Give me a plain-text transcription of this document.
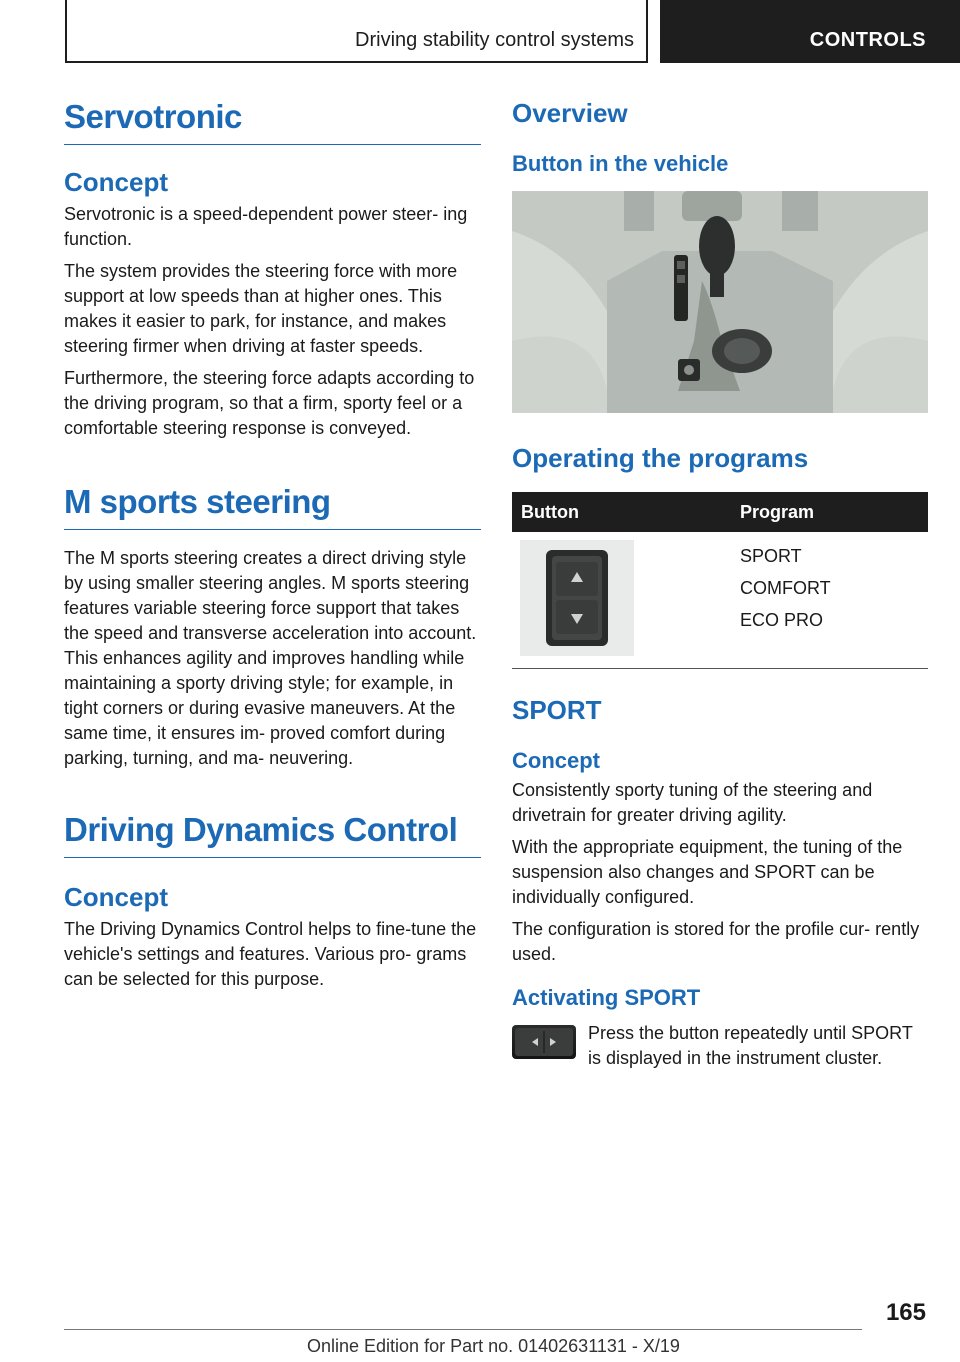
Driving stability control systems	CONTROLS
Servotronic
Concept

Servotronic is a speed-dependent power steer‐ ing function.

The system provides the steering force with more support at low speeds than at higher ones. This makes it easier to park, for instance, and makes steering firmer when driving at faster speeds.

Furthermore, the steering force adapts according to the driving program, so that a firm, sporty feel or a comfortable steering response is conveyed.

M sports steering

The M sports steering creates a direct driving style by using smaller steering angles. M sports steering features variable steering force support that takes the speed and transverse acceleration into account. This enhances agility and improves handling while maintaining a sporty driving style; for example, in tight corners or during evasive maneuvers. At the same time, it ensures im‐ proved comfort during parking, turning, and ma‐ neuvering.

Driving Dynamics Control
Concept

The Driving Dynamics Control helps to fine-tune the vehicle's settings and features. Various pro‐ grams can be selected for this purpose.

Overview
Button in the vehicle
Operating the programs
Button	Program
SPORT
COMFORT
ECO PRO
SPORT
Concept

Consistently sporty tuning of the steering and drivetrain for greater driving agility.

With the appropriate equipment, the tuning of the suspension also changes and SPORT can be individually configured.

The configuration is stored for the profile cur‐ rently used.

Activating SPORT

Press the button repeatedly until SPORT is displayed in the instrument cluster.

165
Online Edition for Part no. 01402631131 - X/19
